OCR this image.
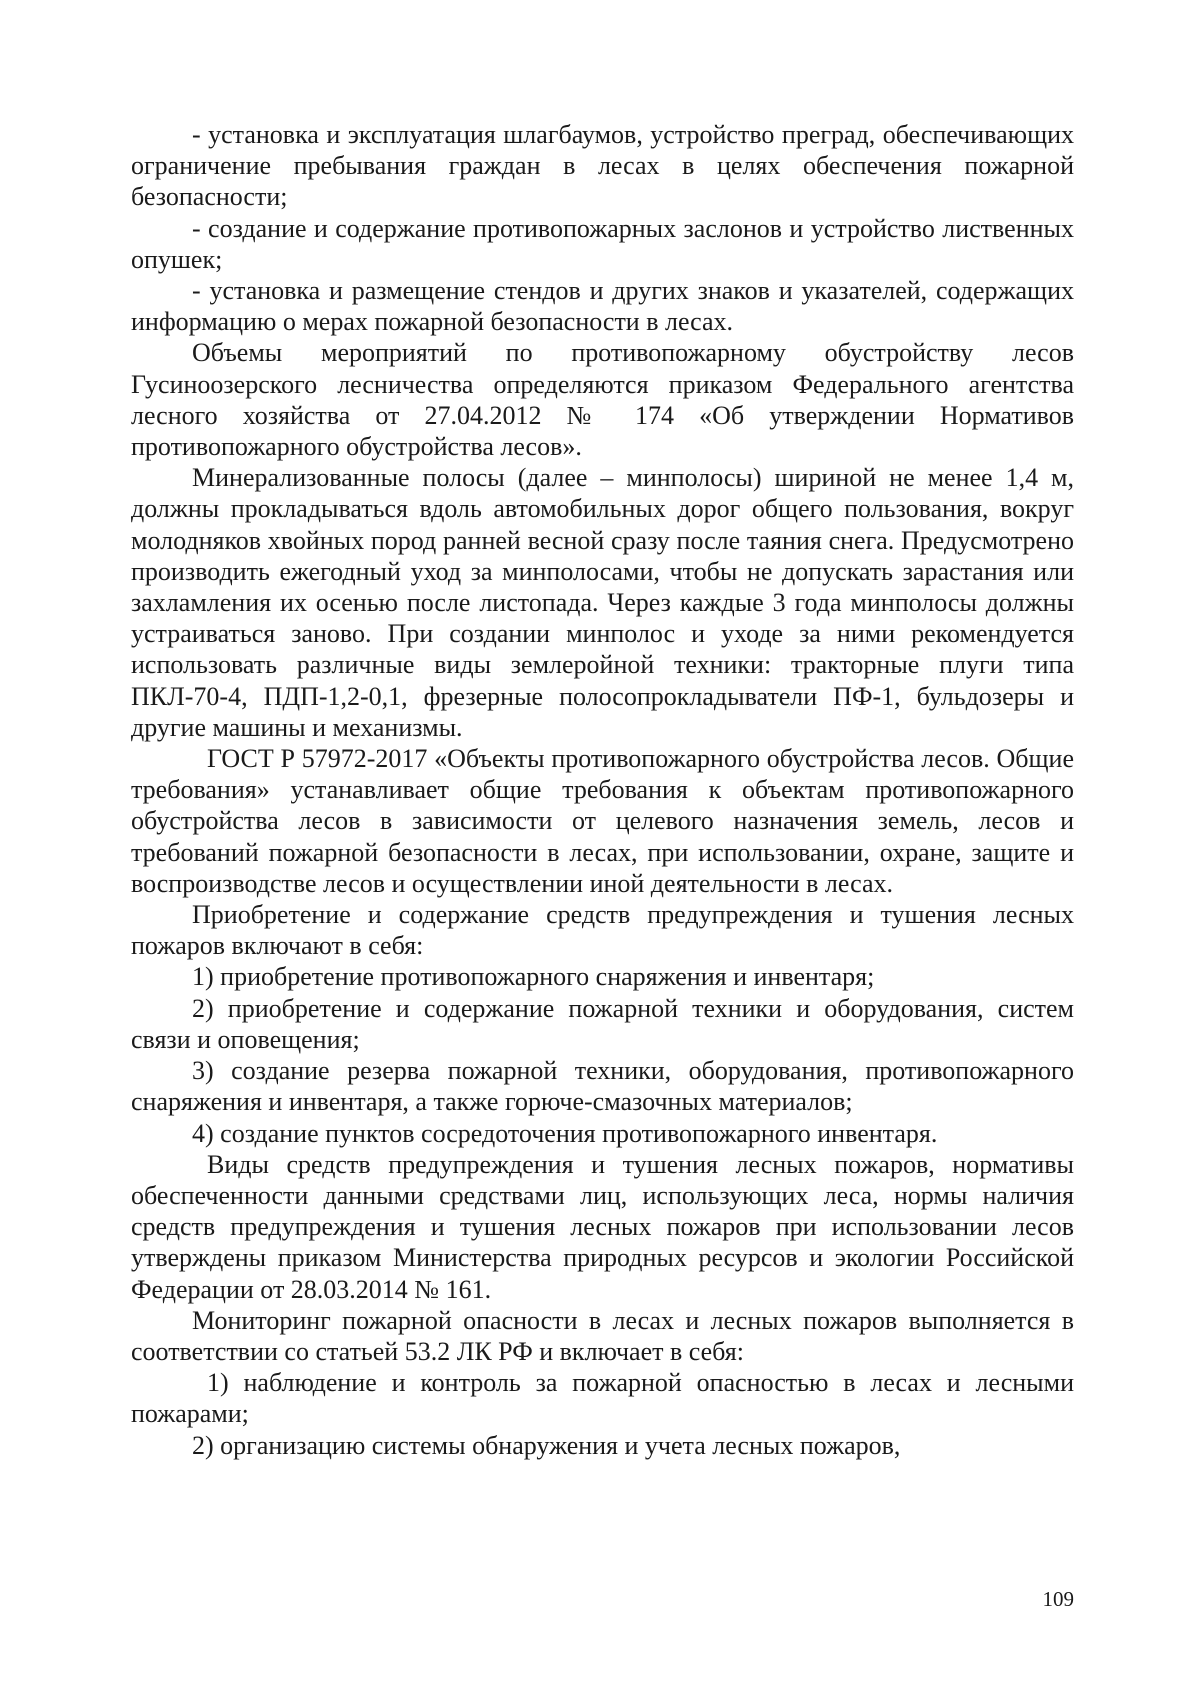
- установка и эксплуатация шлагбаумов, устройство преград, обеспечивающих ограничение пребывания граждан в лесах в целях обеспечения пожарной безопасности;

- создание и содержание противопожарных заслонов и устройство лиственных опушек;

- установка и размещение стендов и других знаков и указателей, содержащих информацию о мерах пожарной безопасности в лесах.

Объемы мероприятий по противопожарному обустройству лесов Гусиноозерского лесничества определяются приказом Федерального агентства лесного хозяйства от 27.04.2012 № 174 «Об утверждении Нормативов противопожарного обустройства лесов».

Минерализованные полосы (далее – минполосы) шириной не менее 1,4 м, должны прокладываться вдоль автомобильных дорог общего пользования, вокруг молодняков хвойных пород ранней весной сразу после таяния снега. Предусмотрено производить ежегодный уход за минполосами, чтобы не допускать зарастания или захламления их осенью после листопада. Через каждые 3 года минполосы должны устраиваться заново. При создании минполос и уходе за ними рекомендуется использовать различные виды землеройной техники: тракторные плуги типа ПКЛ-70-4, ПДП-1,2-0,1, фрезерные полосопрокладыватели ПФ-1, бульдозеры и другие машины и механизмы.

ГОСТ Р 57972-2017 «Объекты противопожарного обустройства лесов. Общие требования» устанавливает общие требования к объектам противопожарного обустройства лесов в зависимости от целевого назначения земель, лесов и требований пожарной безопасности в лесах, при использовании, охране, защите и воспроизводстве лесов и осуществлении иной деятельности в лесах.

Приобретение и содержание средств предупреждения и тушения лесных пожаров включают в себя:

1) приобретение противопожарного снаряжения и инвентаря;

2) приобретение и содержание пожарной техники и оборудования, систем связи и оповещения;

3) создание резерва пожарной техники, оборудования, противопожарного снаряжения и инвентаря, а также горюче-смазочных материалов;

4) создание пунктов сосредоточения противопожарного инвентаря.

Виды средств предупреждения и тушения лесных пожаров, нормативы обеспеченности данными средствами лиц, использующих леса, нормы наличия средств предупреждения и тушения лесных пожаров при использовании лесов утверждены приказом Министерства природных ресурсов и экологии Российской Федерации от 28.03.2014 № 161.

Мониторинг пожарной опасности в лесах и лесных пожаров выполняется в соответствии со статьей 53.2 ЛК РФ и включает в себя:

1) наблюдение и контроль за пожарной опасностью в лесах и лесными пожарами;

2) организацию системы обнаружения и учета лесных пожаров,

109
